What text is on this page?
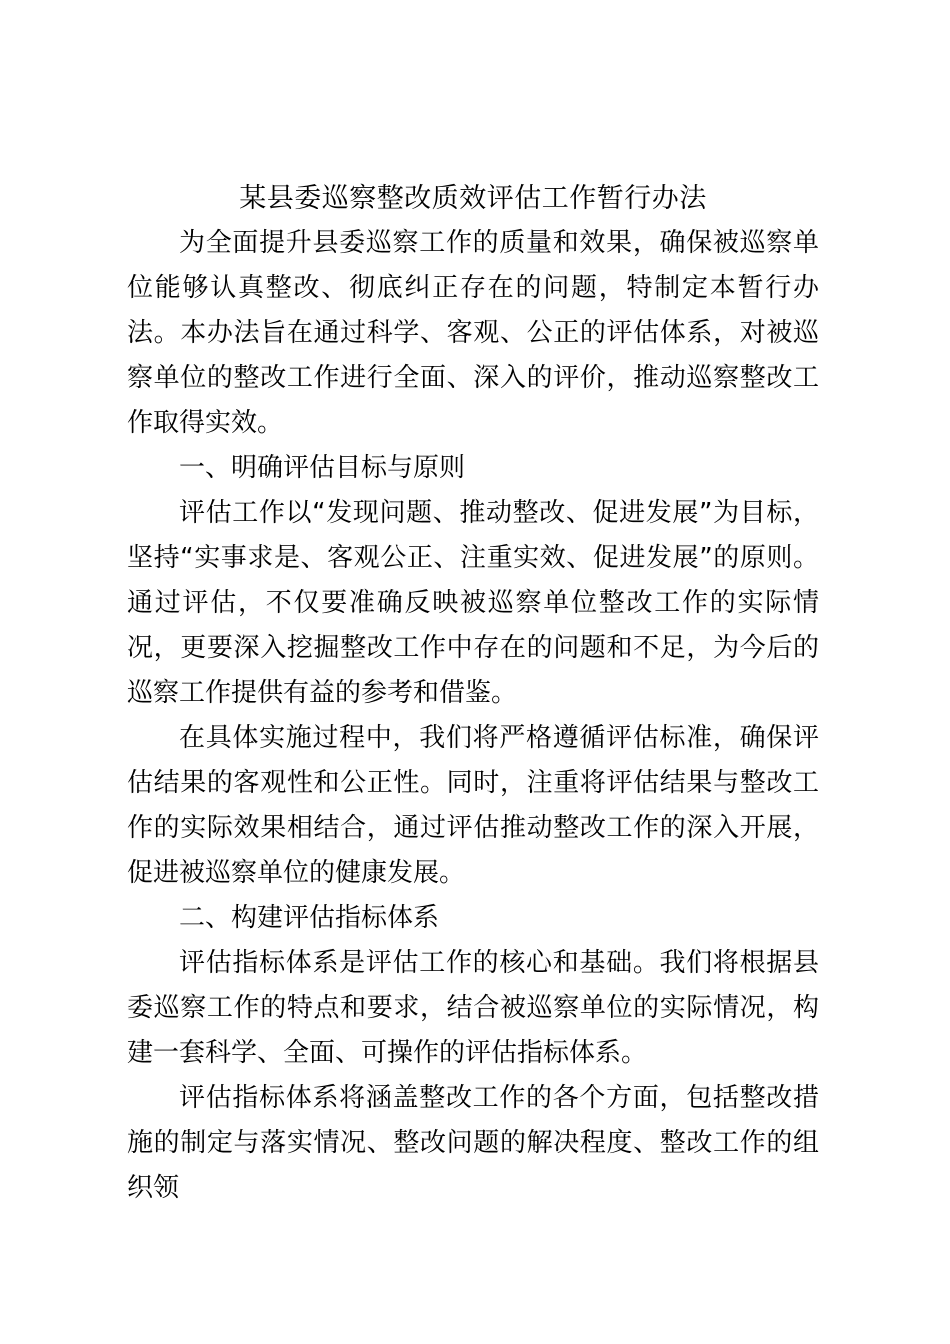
某县委巡察整改质效评估工作暂行办法

为全面提升县委巡察工作的质量和效果，确保被巡察单位能够认真整改、彻底纠正存在的问题，特制定本暂行办法。本办法旨在通过科学、客观、公正的评估体系，对被巡察单位的整改工作进行全面、深入的评价，推动巡察整改工作取得实效。

一、明确评估目标与原则

评估工作以“发现问题、推动整改、促进发展”为目标，坚持“实事求是、客观公正、注重实效、促进发展”的原则。通过评估，不仅要准确反映被巡察单位整改工作的实际情况，更要深入挖掘整改工作中存在的问题和不足，为今后的巡察工作提供有益的参考和借鉴。

在具体实施过程中，我们将严格遵循评估标准，确保评估结果的客观性和公正性。同时，注重将评估结果与整改工作的实际效果相结合，通过评估推动整改工作的深入开展，促进被巡察单位的健康发展。

二、构建评估指标体系

评估指标体系是评估工作的核心和基础。我们将根据县委巡察工作的特点和要求，结合被巡察单位的实际情况，构建一套科学、全面、可操作的评估指标体系。

评估指标体系将涵盖整改工作的各个方面，包括整改措施的制定与落实情况、整改问题的解决程度、整改工作的组织领
